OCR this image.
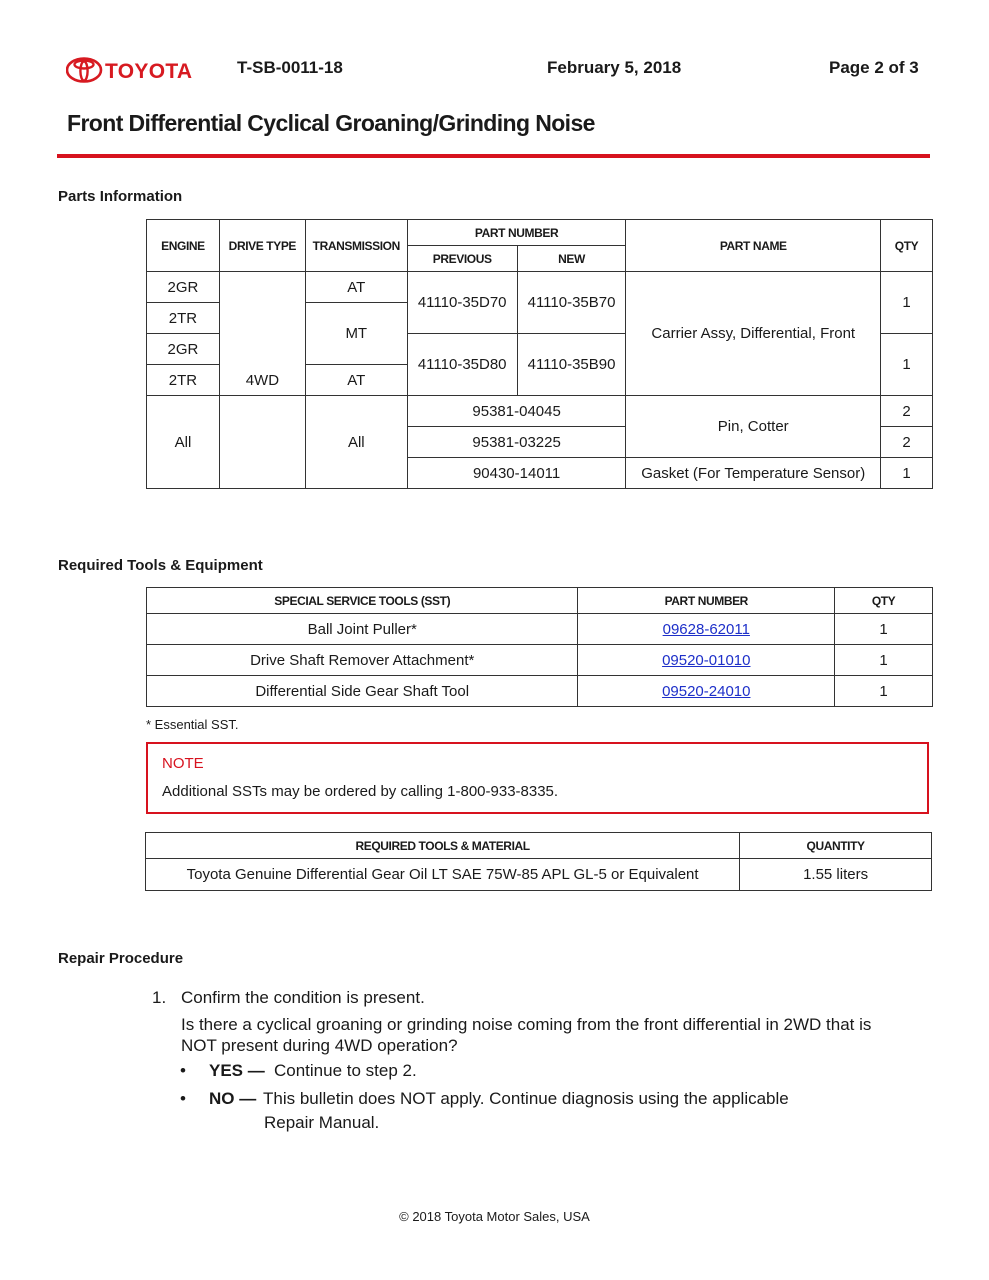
TOYOTA	T-SB-0011-18	February 5, 2018	Page 2 of 3
Front Differential Cyclical Groaning/Grinding Noise
Parts Information
ENGINE	DRIVE TYPE	TRANSMISSION	PART NUMBER		PART NAME	QTY
			PREVIOUS	NEW		
2GR	4WD	AT	41110-35D70	41110-35B70	Carrier Assy, Differential, Front	1
2TR		MT				
2GR			41110-35D80	41110-35B90		1
2TR		AT				
All		All	95381-04045		Pin, Cotter	2
			95381-03225			2
			90430-14011		Gasket (For Temperature Sensor)	1
Required Tools & Equipment
SPECIAL SERVICE TOOLS (SST)	PART NUMBER	QTY
Ball Joint Puller*	09628-62011	1
Drive Shaft Remover Attachment*	09520-01010	1
Differential Side Gear Shaft Tool	09520-24010	1
* Essential SST.
NOTE
Additional SSTs may be ordered by calling 1-800-933-8335.
REQUIRED TOOLS & MATERIAL	QUANTITY
Toyota Genuine Differential Gear Oil LT SAE 75W-85 APL GL-5 or Equivalent	1.55 liters
Repair Procedure
1. Confirm the condition is present.
Is there a cyclical groaning or grinding noise coming from the front differential in 2WD that is
NOT present during 4WD operation?
• YES — Continue to step 2.
• NO — This bulletin does NOT apply. Continue diagnosis using the applicable
Repair Manual.
© 2018 Toyota Motor Sales, USA
